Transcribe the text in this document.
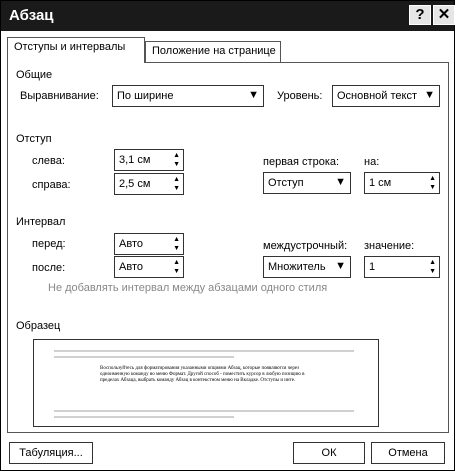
Абзац	? ✕
Отступы и интервалы	Положение на странице
Общие
Выравнивание: По ширине	▼ Уровень: Основной текст ▼
Отступ
слева:	3,1 см	▲
▼
справа:	2,5 см	▲
▼
первая строка:
Отступ	▼
на:
1 см	▲
▼
Интервал
перед:	Авто	▲
▼
после:	Авто	▲
▼
междустрочный:
Множитель ▼
значение:
1	▲
▼
Не добавлять интервал между абзацами одного стиля
Образец
Воспользуйтесь для форматирования указанными опциями Абзац, которые появляются через одноименную команду во меню Формат. Другой способ - поместить курсор в любую позицию в пределах Абзаца, выбрать команду Абзац в контекстном меню на Вкладке. Отступы и инте.
Табуляция...	ОК	Отмена
